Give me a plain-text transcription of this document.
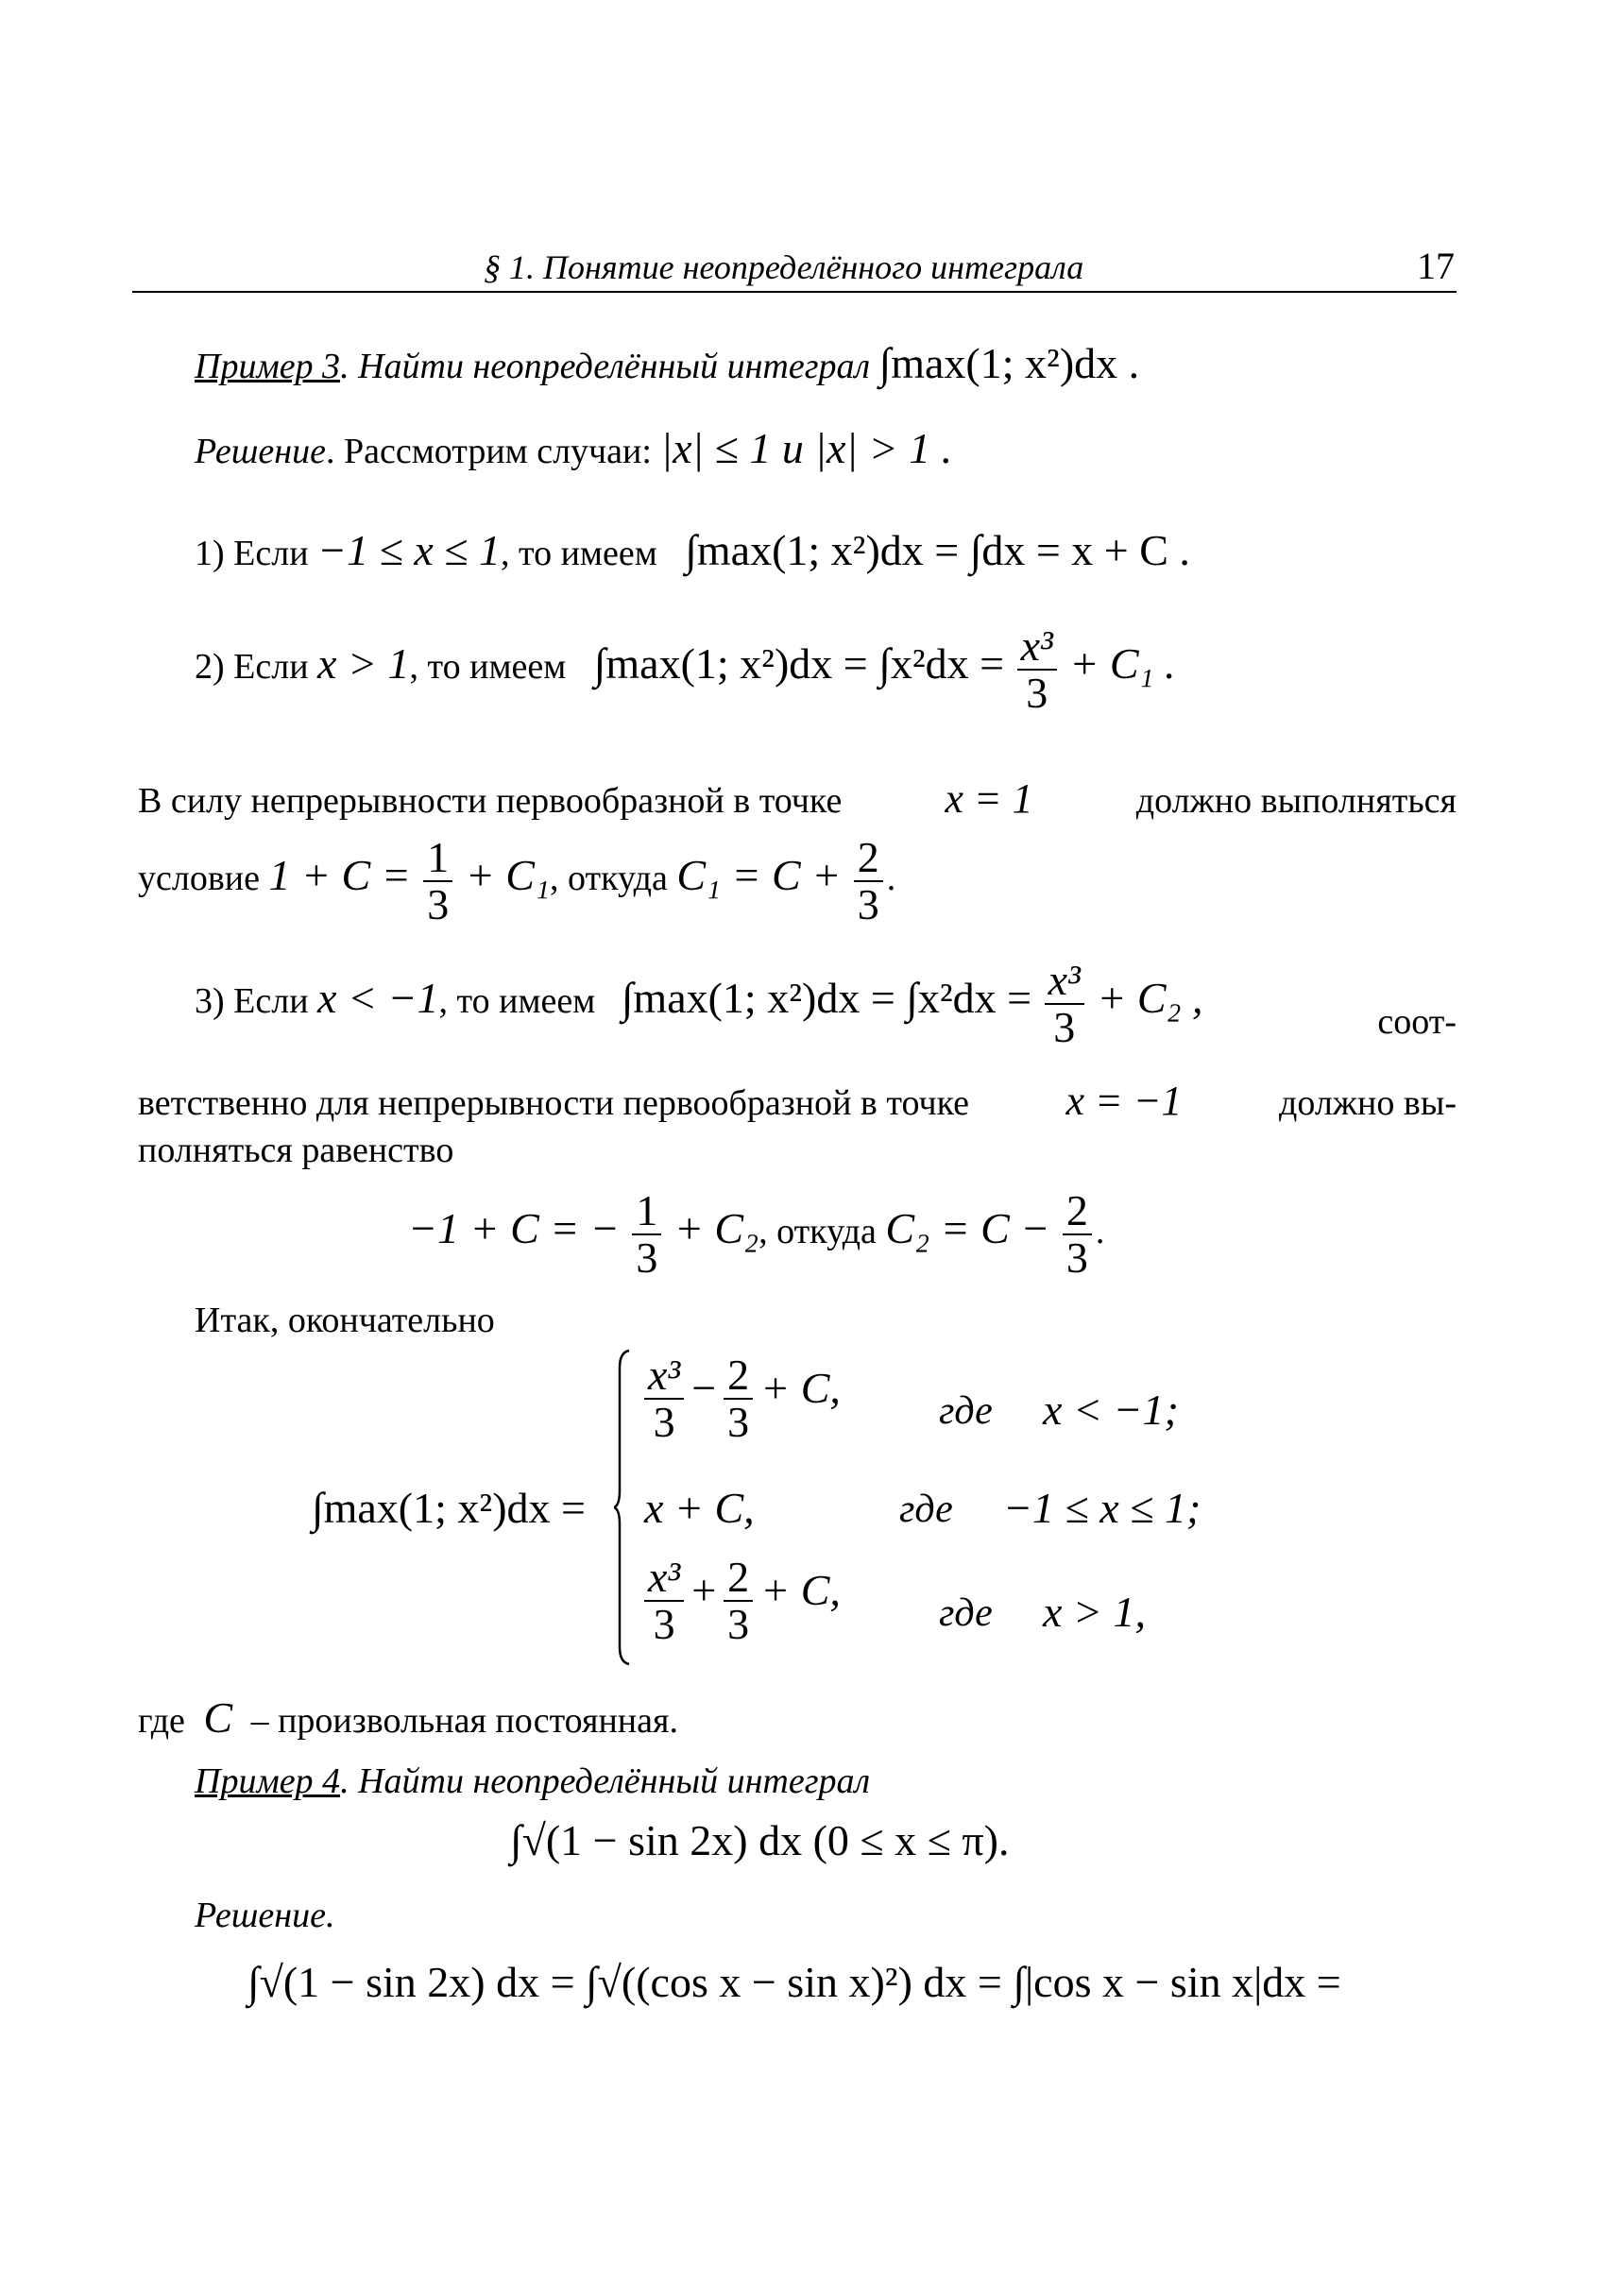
§ 1. Понятие неопределённого интеграла	17
Пример 3. Найти неопределённый интеграл ∫max(1; x²)dx .
Решение. Рассмотрим случаи: |x| ≤ 1 и |x| > 1 .
1) Если −1 ≤ x ≤ 1, то имеем ∫max(1; x²)dx = ∫dx = x + C .
2) Если x > 1, то имеем ∫max(1; $x^2)dx = \int x^2dx = \frac{\text{x³}}{3} + C_1$ .
В силу непрерывности первообразной в точке x = 1	должно выполняться
условие $1 + C = \frac{1}{3} + C_1$, откуда $C_1 = C + \frac{2}{3}$ .
3) Если x < −1, то имеем ∫max(1; $x^2)dx = \int x^2dx = \frac{\text{x³}}{3} + C_2$ ,	соот-
ветственно для непрерывности первообразной в точке x = −1	должно вы-
полняться равенство
−1 + C = − $\frac{1}{3} + C_2$, откуда $C_2 = C - \frac{2}{3}$ .
Итак, окончательно
∫max(1; x²)dx =
$\frac{\text{x³}}{3} - \frac{2}{3} + C$, где x < −1;
x + C,	где −1 ≤ x ≤ 1;
$\frac{\text{x³}}{3} + \frac{2}{3} + C$, где x > 1,
где C – произвольная постоянная.
Пример 4. Найти неопределённый интеграл
∫√(1 − sin 2x) dx (0 ≤ x ≤ π).
Решение.
∫√(1 − sin 2x) dx = ∫√((cos x − sin x)²) dx = ∫|cos x − sin x|dx =
